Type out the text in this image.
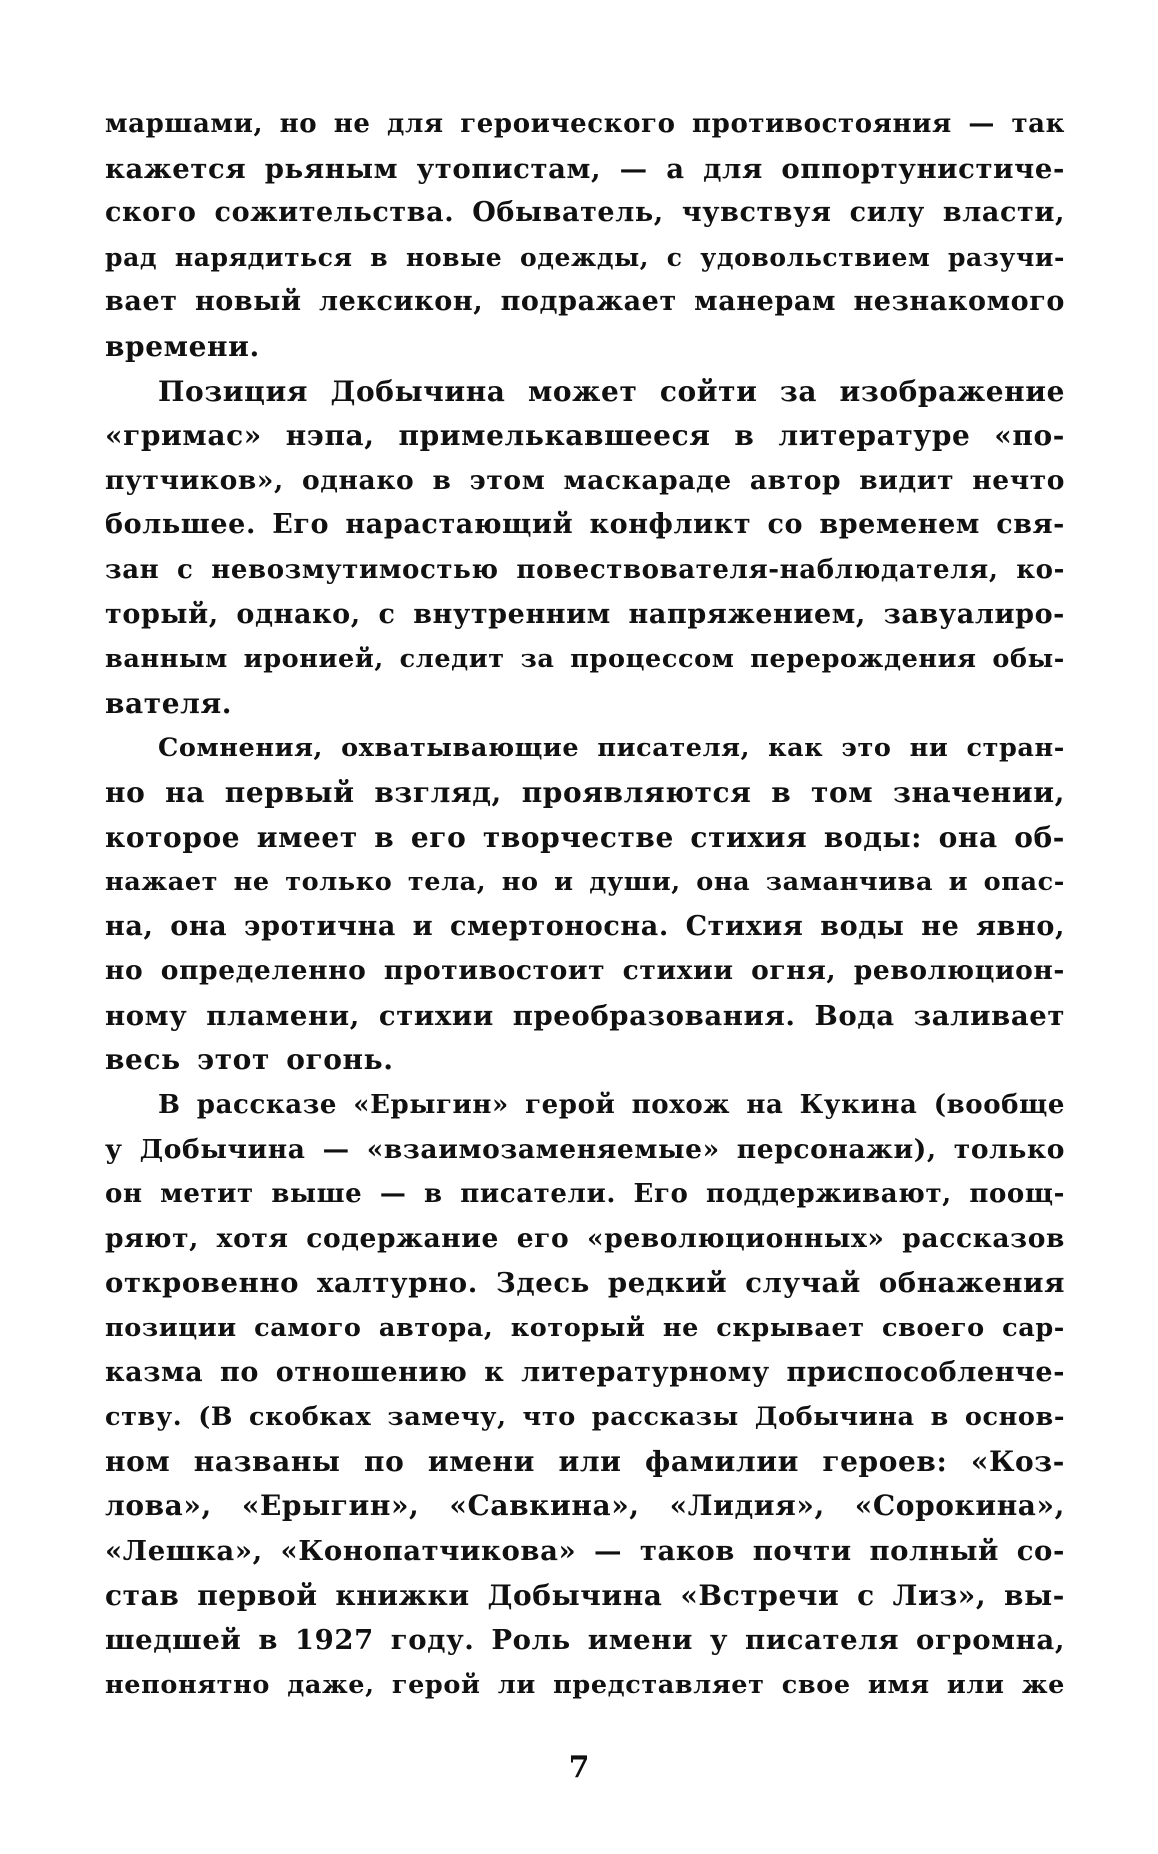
маршами, но не для героического противостояния — так
кажется рьяным утопистам, — а для оппортунистиче-
ского сожительства. Обыватель, чувствуя силу власти,
рад нарядиться в новые одежды, с удовольствием разучи-
вает новый лексикон, подражает манерам незнакомого
времени.
Позиция Добычина может сойти за изображение
«гримас» нэпа, примелькавшееся в литературе «по-
путчиков», однако в этом маскараде автор видит нечто
большее. Его нарастающий конфликт со временем свя-
зан с невозмутимостью повествователя-наблюдателя, ко-
торый, однако, с внутренним напряжением, завуалиро-
ванным иронией, следит за процессом перерождения обы-
вателя.
Сомнения, охватывающие писателя, как это ни стран-
но на первый взгляд, проявляются в том значении,
которое имеет в его творчестве стихия воды: она об-
нажает не только тела, но и души, она заманчива и опас-
на, она эротична и смертоносна. Стихия воды не явно,
но определенно противостоит стихии огня, революцион-
ному пламени, стихии преобразования. Вода заливает
весь этот огонь.
В рассказе «Ерыгин» герой похож на Кукина (вообще
у Добычина — «взаимозаменяемые» персонажи), только
он метит выше — в писатели. Его поддерживают, поощ-
ряют, хотя содержание его «революционных» рассказов
откровенно халтурно. Здесь редкий случай обнажения
позиции самого автора, который не скрывает своего сар-
казма по отношению к литературному приспособленче-
ству. (В скобках замечу, что рассказы Добычина в основ-
ном названы по имени или фамилии героев: «Коз-
лова», «Ерыгин», «Савкина», «Лидия», «Сорокина»,
«Лешка», «Конопатчикова» — таков почти полный со-
став первой книжки Добычина «Встречи с Лиз», вы-
шедшей в 1927 году. Роль имени у писателя огромна,
непонятно даже, герой ли представляет свое имя или же
7
